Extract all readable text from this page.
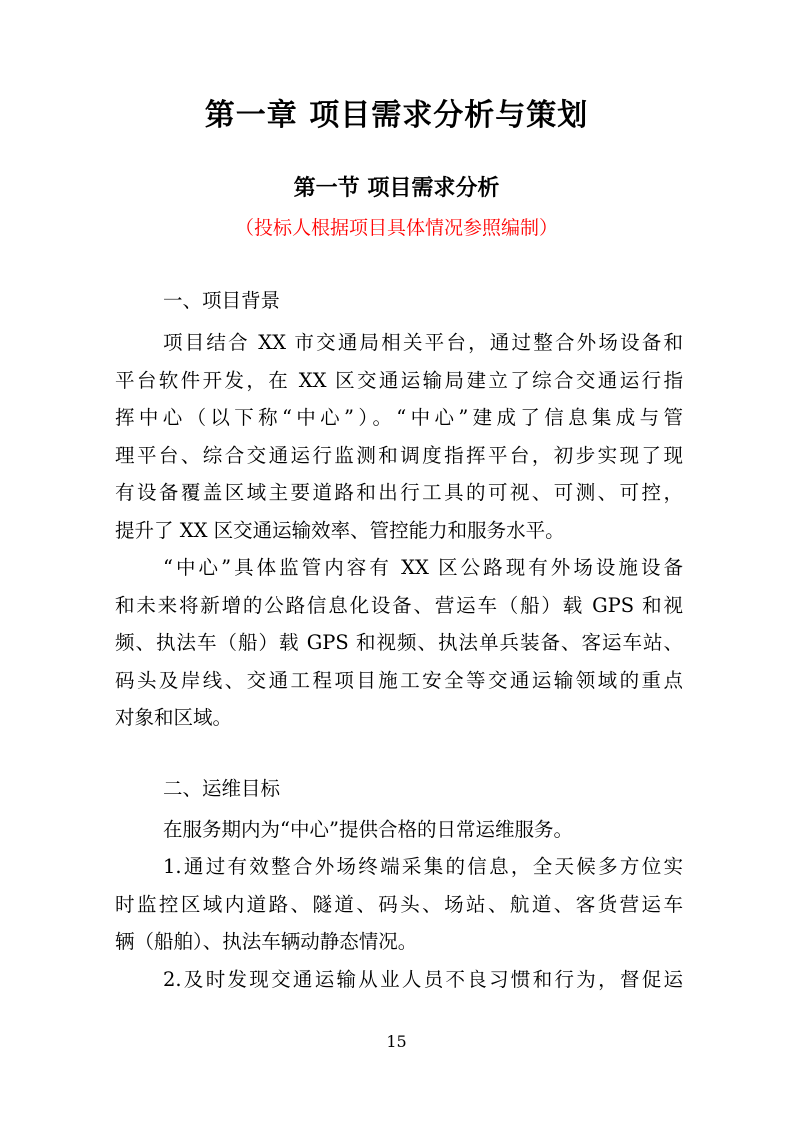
第一章 项目需求分析与策划
第一节 项目需求分析
（投标人根据项目具体情况参照编制）
一、项目背景
项目结合 XX 市交通局相关平台，通过整合外场设备和
平台软件开发，在 XX 区交通运输局建立了综合交通运行指
挥中心（以下称“中心”）。“中心”建成了信息集成与管
理平台、综合交通运行监测和调度指挥平台，初步实现了现
有设备覆盖区域主要道路和出行工具的可视、可测、可控，
提升了 XX 区交通运输效率、管控能力和服务水平。
“中心”具体监管内容有 XX 区公路现有外场设施设备
和未来将新增的公路信息化设备、营运车（船）载 GPS 和视
频、执法车（船）载 GPS 和视频、执法单兵装备、客运车站、
码头及岸线、交通工程项目施工安全等交通运输领域的重点
对象和区域。
二、运维目标
在服务期内为“中心”提供合格的日常运维服务。
1.通过有效整合外场终端采集的信息，全天候多方位实
时监控区域内道路、隧道、码头、场站、航道、客货营运车
辆（船舶）、执法车辆动静态情况。
2.及时发现交通运输从业人员不良习惯和行为，督促运
15
